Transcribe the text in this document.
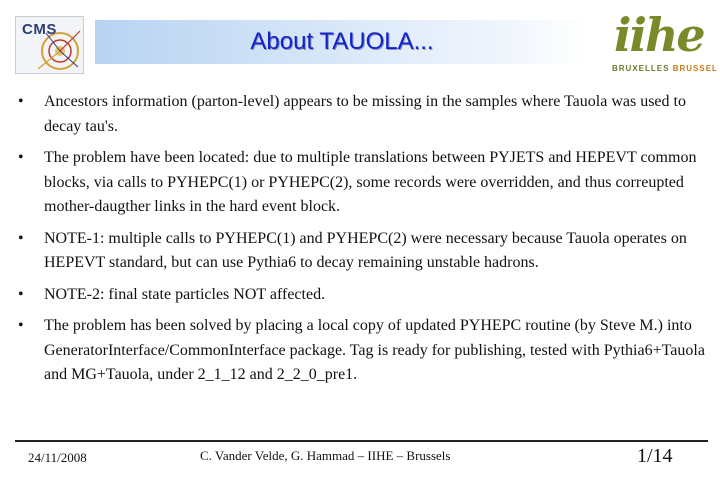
CMS	About TAUOLA...	iihe
BRUXELLES BRUSSEL
• Ancestors information (parton-level) appears to be missing in the samples where Tauola was used to decay tau's.
• The problem have been located: due to multiple translations between PYJETS and HEPEVT common blocks, via calls to PYHEPC(1) or PYHEPC(2), some records were overridden, and thus correupted mother-daugther links in the hard event block.
• NOTE-1: multiple calls to PYHEPC(1) and PYHEPC(2) were necessary because Tauola operates on HEPEVT standard, but can use Pythia6 to decay remaining unstable hadrons.
• NOTE-2: final state particles NOT affected.
• The problem has been solved by placing a local copy of updated PYHEPC routine (by Steve M.) into GeneratorInterface/CommonInterface package. Tag is ready for publishing, tested with Pythia6+Tauola and MG+Tauola, under 2_1_12 and 2_2_0_pre1.
24/11/2008	C. Vander Velde, G. Hammad – IIHE – Brussels	1/14
